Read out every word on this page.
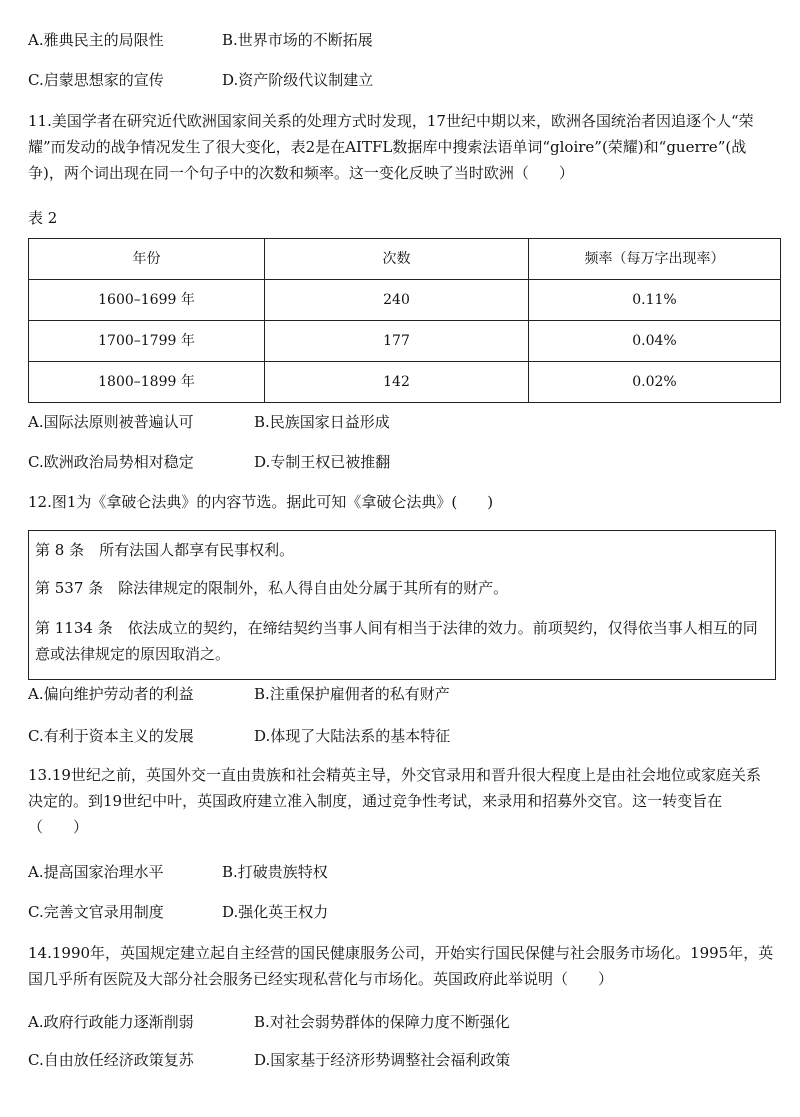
A.雅典民主的局限性	B.世界市场的不断拓展
C.启蒙思想家的宣传	D.资产阶级代议制建立
11.美国学者在研究近代欧洲国家间关系的处理方式时发现，17世纪中期以来，欧洲各国统治者因追逐个人“荣耀”而发动的战争情况发生了很大变化，表2是在AITFL数据库中搜索法语单词“gloire”(荣耀)和“guerre”(战争)，两个词出现在同一个句子中的次数和频率。这一变化反映了当时欧洲（　　）
表 2
年份	次数	频率（每万字出现率）
1600–1699 年	240	0.11%
1700–1799 年	177	0.04%
1800–1899 年	142	0.02%
A.国际法原则被普遍认可	B.民族国家日益形成
C.欧洲政治局势相对稳定	D.专制王权已被推翻
12.图1为《拿破仑法典》的内容节选。据此可知《拿破仑法典》(　　)
第 8 条　所有法国人都享有民事权利。
第 537 条　除法律规定的限制外，私人得自由处分属于其所有的财产。
第 1134 条　依法成立的契约，在缔结契约当事人间有相当于法律的效力。前项契约，仅得依当事人相互的同意或法律规定的原因取消之。
A.偏向维护劳动者的利益	B.注重保护雇佣者的私有财产
C.有利于资本主义的发展	D.体现了大陆法系的基本特征
13.19世纪之前，英国外交一直由贵族和社会精英主导，外交官录用和晋升很大程度上是由社会地位或家庭关系决定的。到19世纪中叶，英国政府建立准入制度，通过竞争性考试，来录用和招募外交官。这一转变旨在（　　）
A.提高国家治理水平	B.打破贵族特权
C.完善文官录用制度	D.强化英王权力
14.1990年，英国规定建立起自主经营的国民健康服务公司，开始实行国民保健与社会服务市场化。1995年，英国几乎所有医院及大部分社会服务已经实现私营化与市场化。英国政府此举说明（　　）
A.政府行政能力逐渐削弱	B.对社会弱势群体的保障力度不断强化
C.自由放任经济政策复苏	D.国家基于经济形势调整社会福利政策
